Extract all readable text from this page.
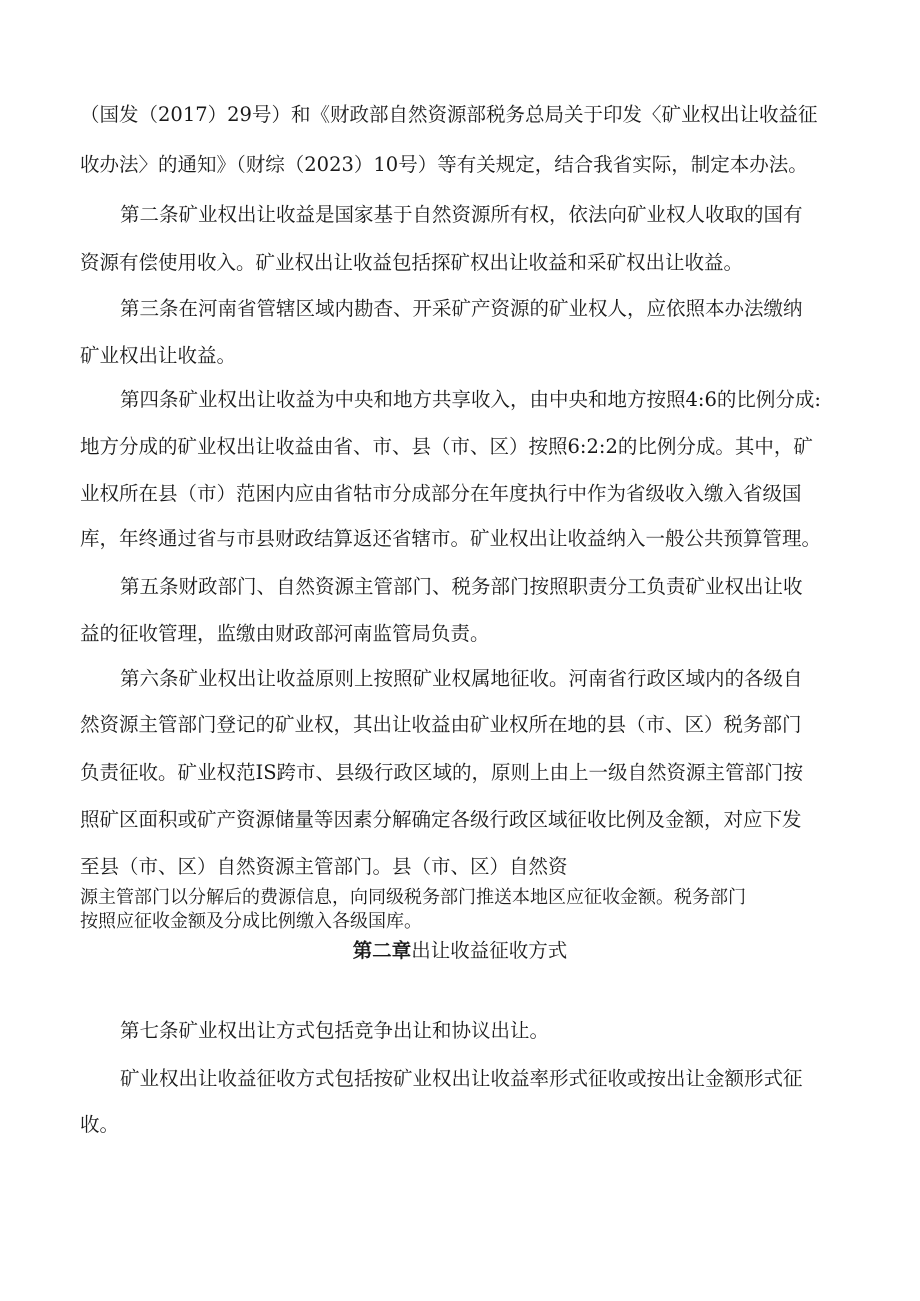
（国发（2017）29号）和《财政部自然资源部税务总局关于印发〈矿业权出让收益征
收办法〉的通知》（财综（2023）10号）等有关规定，结合我省实际，制定本办法。
第二条矿业权出让收益是国家基于自然资源所有权，依法向矿业权人收取的国有
资源有偿使用收入。矿业权出让收益包括探矿权出让收益和采矿权出让收益。
第三条在河南省管辖区域内勘杳、开采矿产资源的矿业权人，应依照本办法缴纳
矿业权出让收益。
第四条矿业权出让收益为中央和地方共享收入，由中央和地方按照4:6的比例分成:
地方分成的矿业权出让收益由省、市、县（市、区）按照6:2:2的比例分成。其中，矿
业权所在县（市）范困内应由省牯市分成部分在年度执行中作为省级收入缴入省级国
库，年终通过省与市县财政结算返还省辖市。矿业权出让收益纳入一般公共预算管理。
第五条财政部门、自然资源主管部门、税务部门按照职责分工负责矿业权出让收
益的征收管理，监缴由财政部河南监管局负责。
第六条矿业权出让收益原则上按照矿业权属地征收。河南省行政区域内的各级自
然资源主管部门登记的矿业权，其出让收益由矿业权所在地的县（市、区）税务部门
负责征收。矿业权范IS跨市、县级行政区域的，原则上由上一级自然资源主管部门按
照矿区面积或矿产资源储量等因素分解确定各级行政区域征收比例及金额，对应下发
至县（市、区）自然资源主管部门。县（市、区）自然资
源主管部门以分解后的费源信息，向同级税务部门推送本地区应征收金额。税务部门
按照应征收金额及分成比例缴入各级国库。
第二章出让收益征收方式
第七条矿业权出让方式包括竞争出让和协议出让。
矿业权出让收益征收方式包括按矿业权出让收益率形式征收或按出让金额形式征
收。
